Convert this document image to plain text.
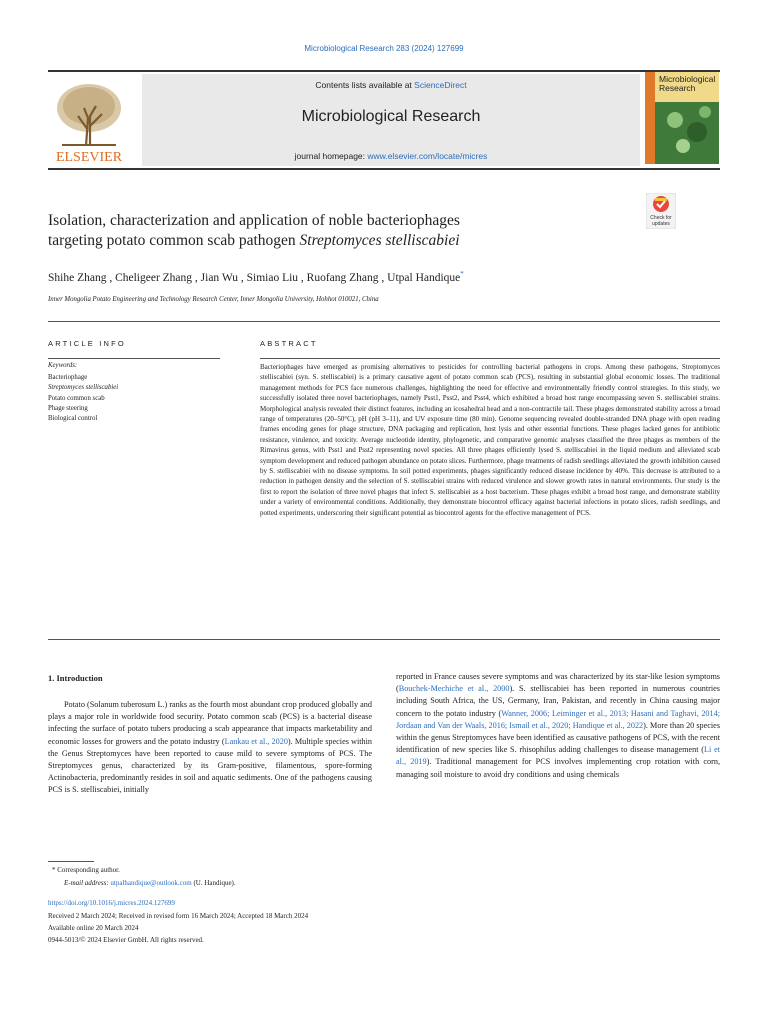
Microbiological Research 283 (2024) 127699
ELSEVIER
Contents lists available at ScienceDirect
Microbiological Research
journal homepage: www.elsevier.com/locate/micres
Microbiological
Research
Isolation, characterization and application of noble bacteriophages
targeting potato common scab pathogen Streptomyces stelliscabiei
Check for
updates
Shihe Zhang , Cheligeer Zhang , Jian Wu , Simiao Liu , Ruofang Zhang , Utpal Handique*
Inner Mongolia Potato Engineering and Technology Research Center, Inner Mongolia University, Hohhot 010021, China
ARTICLE INFO
Keywords:
Bacteriophage
Streptomyces stelliscabiei
Potato common scab
Phage steering
Biological control
ABSTRACT
Bacteriophages have emerged as promising alternatives to pesticides for controlling bacterial pathogens in crops. Among these pathogens, Streptomyces stelliscabiei (syn. S. stelliscabiei) is a primary causative agent of potato common scab (PCS), resulting in substantial global economic losses. The traditional management methods for PCS face numerous challenges, highlighting the need for effective and environmentally friendly control strategies. In this study, we successfully isolated three novel bacteriophages, namely Psst1, Psst2, and Psst4, which exhibited a broad host range encompassing seven S. stelliscabiei strains. Morphological analysis revealed their distinct features, including an icosahedral head and a non-contractile tail. These phages demonstrated stability across a broad range of temperatures (20–50°C), pH (pH 3–11), and UV exposure time (80 min). Genome sequencing revealed double-stranded DNA phage with open reading frames encoding genes for phage structure, DNA packaging and replication, host lysis and other essential functions. These phages lacked genes for antibiotic resistance, virulence, and toxicity. Average nucleotide identity, phylogenetic, and comparative genomic analyses classified the three phages as members of the Rimavirus genus, with Psst1 and Psst2 representing novel species. All three phages efficiently lysed S. stelliscabiei in the liquid medium and alleviated scab symptom development and reduced pathogen abundance on potato slices. Furthermore, phage treatments of radish seedlings alleviated the growth inhibition caused by S. stelliscabiei with no disease symptoms. In soil potted experiments, phages significantly reduced disease incidence by 40%. This decrease is attributed to a reduction in pathogen density and the selection of S. stelliscabiei strains with reduced virulence and slower growth rates in natural environments. Our study is the first to report the isolation of three novel phages that infect S. stelliscabiei as a host bacterium. These phages exhibit a broad host range, and demonstrate stability under a variety of environmental conditions. Additionally, they demonstrate biocontrol efficacy against bacterial infections in potato slices, radish seedlings, and potted experiments, underscoring their significant potential as biocontrol agents for the effective management of PCS.
1. Introduction

Potato (Solanum tuberosum L.) ranks as the fourth most abundant crop produced globally and plays a major role in worldwide food security. Potato common scab (PCS) is a bacterial disease infecting the surface of potato tubers producing a scab appearance that impacts marketability and economic losses for growers and the potato industry (Lankau et al., 2020). Multiple species within the Genus Streptomyces have been reported to cause mild to severe symptoms of PCS. The Streptomyces genus, characterized by its Gram-positive, filamentous, spore-forming Actinobacteria, predominantly resides in soil and aquatic sediments. One of the pathogens causing PCS is S. stelliscabiei, initially

reported in France causes severe symptoms and was characterized by its star-like lesion symptoms (Bouchek-Mechiche et al., 2000). S. stelliscabiei has been reported in numerous countries including South Africa, the US, Germany, Iran, Pakistan, and recently in China causing major concern to the potato industry (Wanner, 2006; Leiminger et al., 2013; Hasani and Taghavi, 2014; Jordaan and Van der Waals, 2016; Ismail et al., 2020; Handique et al., 2022). More than 20 species within the genus Streptomyces have been identified as causative pathogens of PCS, with the recent identification of new species like S. rhisophilus adding challenges to disease management (Li et al., 2019). Traditional management for PCS involves implementing crop rotation with corn, managing soil moisture to avoid dry conditions and using chemicals

* Corresponding author.
E-mail address: utpalhandique@outlook.com (U. Handique).
https://doi.org/10.1016/j.micres.2024.127699
Received 2 March 2024; Received in revised form 16 March 2024; Accepted 18 March 2024
Available online 20 March 2024
0944-5013/© 2024 Elsevier GmbH. All rights reserved.
